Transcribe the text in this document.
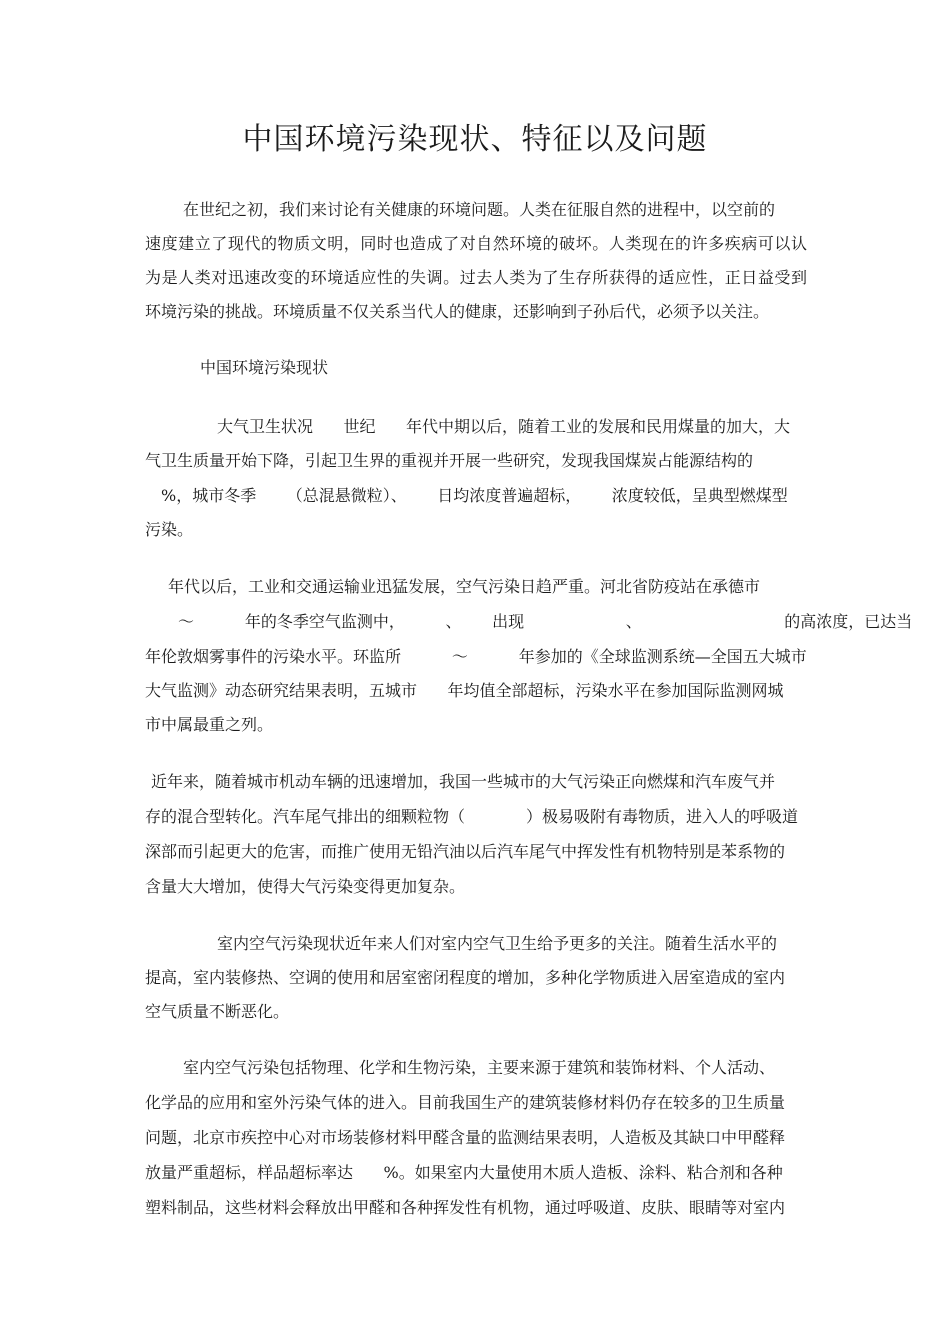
中国环境污染现状、特征以及问题

在世纪之初，我们来讨论有关健康的环境问题。人类在征服自然的进程中，以空前的

速度建立了现代的物质文明，同时也造成了对自然环境的破坏。人类现在的许多疾病可以认

为是人类对迅速改变的环境适应性的失调。过去人类为了生存所获得的适应性，正日益受到

环境污染的挑战。环境质量不仅关系当代人的健康，还影响到子孙后代，必须予以关注。

中国环境污染现状

大气卫生状况      世纪      年代中期以后，随着工业的发展和民用煤量的加大，大

气卫生质量开始下降，引起卫生界的重视并开展一些研究，发现我国煤炭占能源结构的

%，城市冬季      （总混悬微粒）、      日均浓度普遍超标，      浓度较低，呈典型燃煤型

污染。

年代以后，工业和交通运输业迅猛发展，空气污染日趋严重。河北省防疫站在承德市

～          年的冬季空气监测中，        、      出现                    、                            的高浓度，已达当

年伦敦烟雾事件的污染水平。环监所          ～          年参加的《全球监测系统—全国五大城市

大气监测》动态研究结果表明，五城市      年均值全部超标，污染水平在参加国际监测网城

市中属最重之列。

近年来，随着城市机动车辆的迅速增加，我国一些城市的大气污染正向燃煤和汽车废气并

存的混合型转化。汽车尾气排出的细颗粒物（            ）极易吸附有毒物质，进入人的呼吸道

深部而引起更大的危害，而推广使用无铅汽油以后汽车尾气中挥发性有机物特别是苯系物的

含量大大增加，使得大气污染变得更加复杂。

室内空气污染现状近年来人们对室内空气卫生给予更多的关注。随着生活水平的

提高，室内装修热、空调的使用和居室密闭程度的增加，多种化学物质进入居室造成的室内

空气质量不断恶化。

室内空气污染包括物理、化学和生物污染，主要来源于建筑和装饰材料、个人活动、

化学品的应用和室外污染气体的进入。目前我国生产的建筑装修材料仍存在较多的卫生质量

问题，北京市疾控中心对市场装修材料甲醛含量的监测结果表明，人造板及其缺口中甲醛释

放量严重超标，样品超标率达      %。如果室内大量使用木质人造板、涂料、粘合剂和各种

塑料制品，这些材料会释放出甲醛和各种挥发性有机物，通过呼吸道、皮肤、眼睛等对室内
